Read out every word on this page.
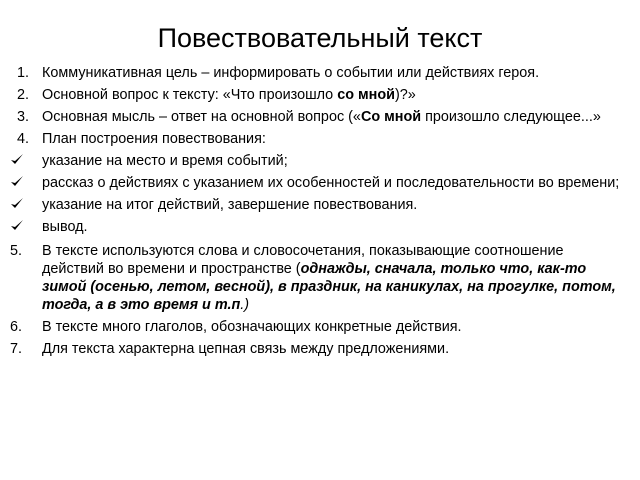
Повествовательный текст
1. Коммуникативная цель – информировать о событии или действиях героя.
2. Основной вопрос к тексту: «Что произошло со мной)?»
3. Основная мысль – ответ на основной вопрос («Со мной произошло следующее...»
4. План построения повествования:
указание на место и время событий;
рассказ о действиях с указанием их особенностей и последовательности во времени;
указание на итог действий, завершение повествования.
вывод.
5. В тексте используются слова и словосочетания, показывающие соотношение действий во времени и пространстве (однажды, сначала, только что, как-то зимой (осенью, летом, весной), в праздник, на каникулах, на прогулке, потом, тогда, а в это время и т.п.)
6. В тексте много глаголов, обозначающих конкретные действия.
7. Для текста характерна цепная связь между предложениями.
